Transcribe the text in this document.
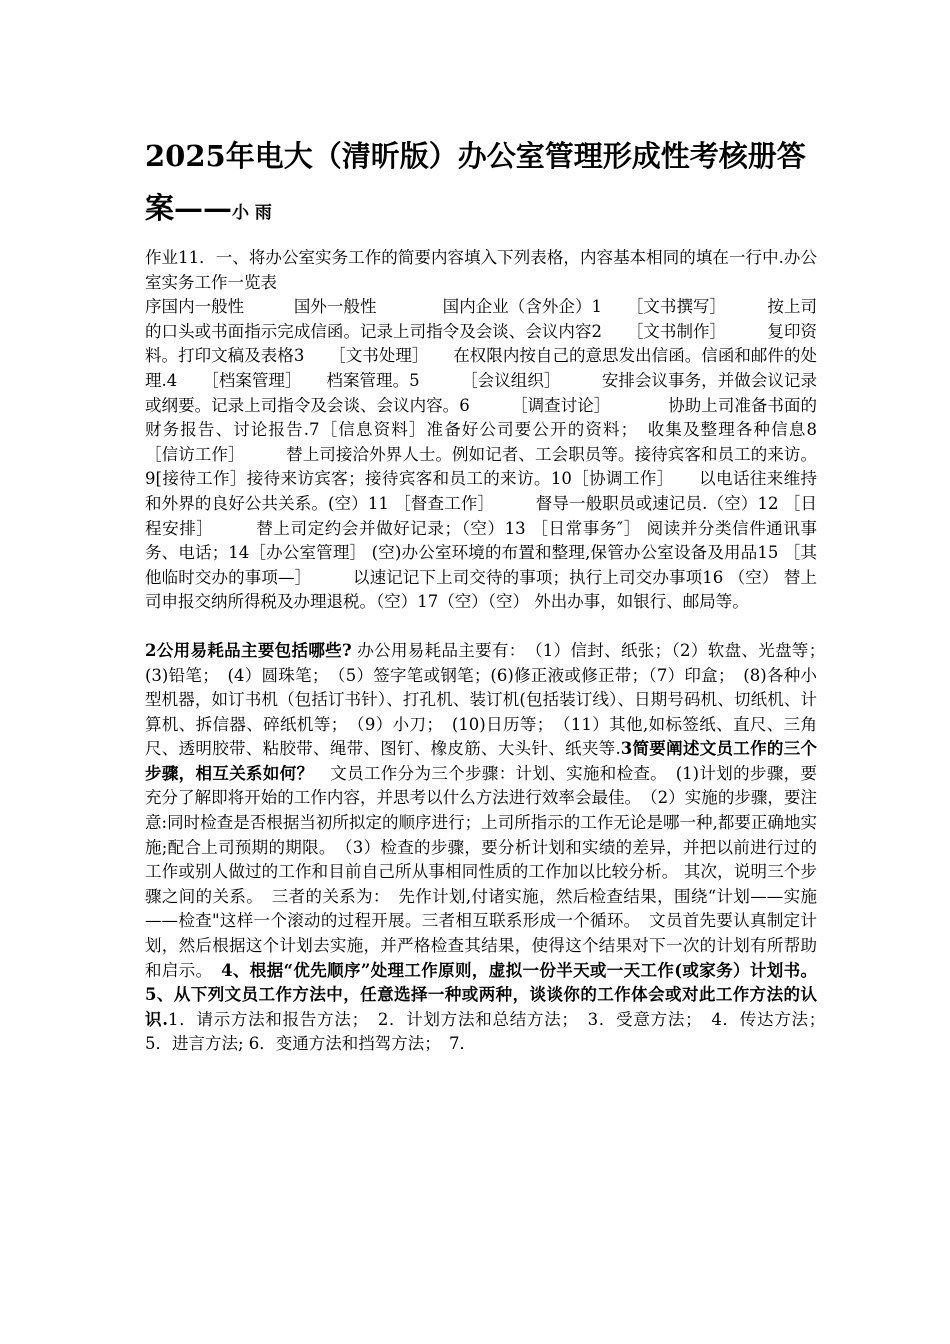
2025年电大（清昕版）办公室管理形成性考核册答案——小 雨

作业11．一、将办公室实务工作的简要内容填入下列表格，内容基本相同的填在一行中.办公室实务工作一览表
序国内一般性　　　国外一般性　　　　国内企业（含外企）1　　［文书撰写］　　　按上司的口头或书面指示完成信函。记录上司指令及会谈、会议内容2　　［文书制作］　　　复印资料。打印文稿及表格3　　［文书处理］　　在权限内按自己的意思发出信函。信函和邮件的处理.4　　［档案管理］　　档案管理。5　　　［会议组织］　　　安排会议事务，并做会议记录或纲要。记录上司指令及会谈、会议内容。6　　　［调查讨论］　　　　协助上司准备书面的财务报告、讨论报告.7［信息资料］准备好公司要公开的资料；　收集及整理各种信息8　　　　［信访工作］　　　替上司接洽外界人士。例如记者、工会职员等。接待宾客和员工的来访。9[接待工作］接待来访宾客；接待宾客和员工的来访。10［协调工作］　　以电话往来维持和外界的良好公共关系。(空）11 ［督查工作］　　　督导一般职员或速记员.（空）12 ［日程安排］　　　替上司定约会并做好记录；（空）13 ［日常事务″］ 阅读并分类信件通讯事务、电话；14［办公室管理］ (空)办公室环境的布置和整理,保管办公室设备及用品15 ［其他临时交办的事项—］　　　以速记记下上司交待的事项；执行上司交办事项16 （空） 替上司申报交纳所得税及办理退税。（空）17（空）（空） 外出办事，如银行、邮局等。

2公用易耗品主要包括哪些? 办公用易耗品主要有：　（1）信封、纸张；（2）软盘、光盘等；　(3)铅笔；　(4）圆珠笔；　（5）签字笔或钢笔；(6)修正液或修正带；（7）印盒；　(8)各种小型机器，如订书机（包括订书针）、打孔机、装订机(包括装订线）、日期号码机、切纸机、计算机、拆信器、碎纸机等；　（9）小刀；　(10)日历等；　（11）其他,如标签纸、直尺、三角尺、透明胶带、粘胶带、绳带、图钉、橡皮筋、大头针、纸夹等.3简要阐述文员工作的三个步骤，相互关系如何？　文员工作分为三个步骤：计划、实施和检查。　(1)计划的步骤，要充分了解即将开始的工作内容，并思考以什么方法进行效率会最佳。　（2）实施的步骤，要注意:同时检查是否根据当初所拟定的顺序进行；上司所指示的工作无论是哪一种,都要正确地实施;配合上司预期的期限。　（3）检查的步骤，要分析计划和实绩的差异，并把以前进行过的工作或别人做过的工作和目前自己所从事相同性质的工作加以比较分析。 其次，说明三个步骤之间的关系。　三者的关系为：　先作计划,付诸实施，然后检查结果，围绕“计划——实施——检查"这样一个滚动的过程开展。三者相互联系形成一个循环。　文员首先要认真制定计划，然后根据这个计划去实施，并严格检查其结果，使得这个结果对下一次的计划有所帮助和启示。　4、根据“优先顺序”处理工作原则，虚拟一份半天或一天工作(或家务）计划书。5、从下列文员工作方法中，任意选择一种或两种，谈谈你的工作体会或对此工作方法的认识.1．请示方法和报告方法；　2．计划方法和总结方法；　3．受意方法；　4．传达方法；　5．进言方法; 6．变通方法和挡驾方法；　7．
